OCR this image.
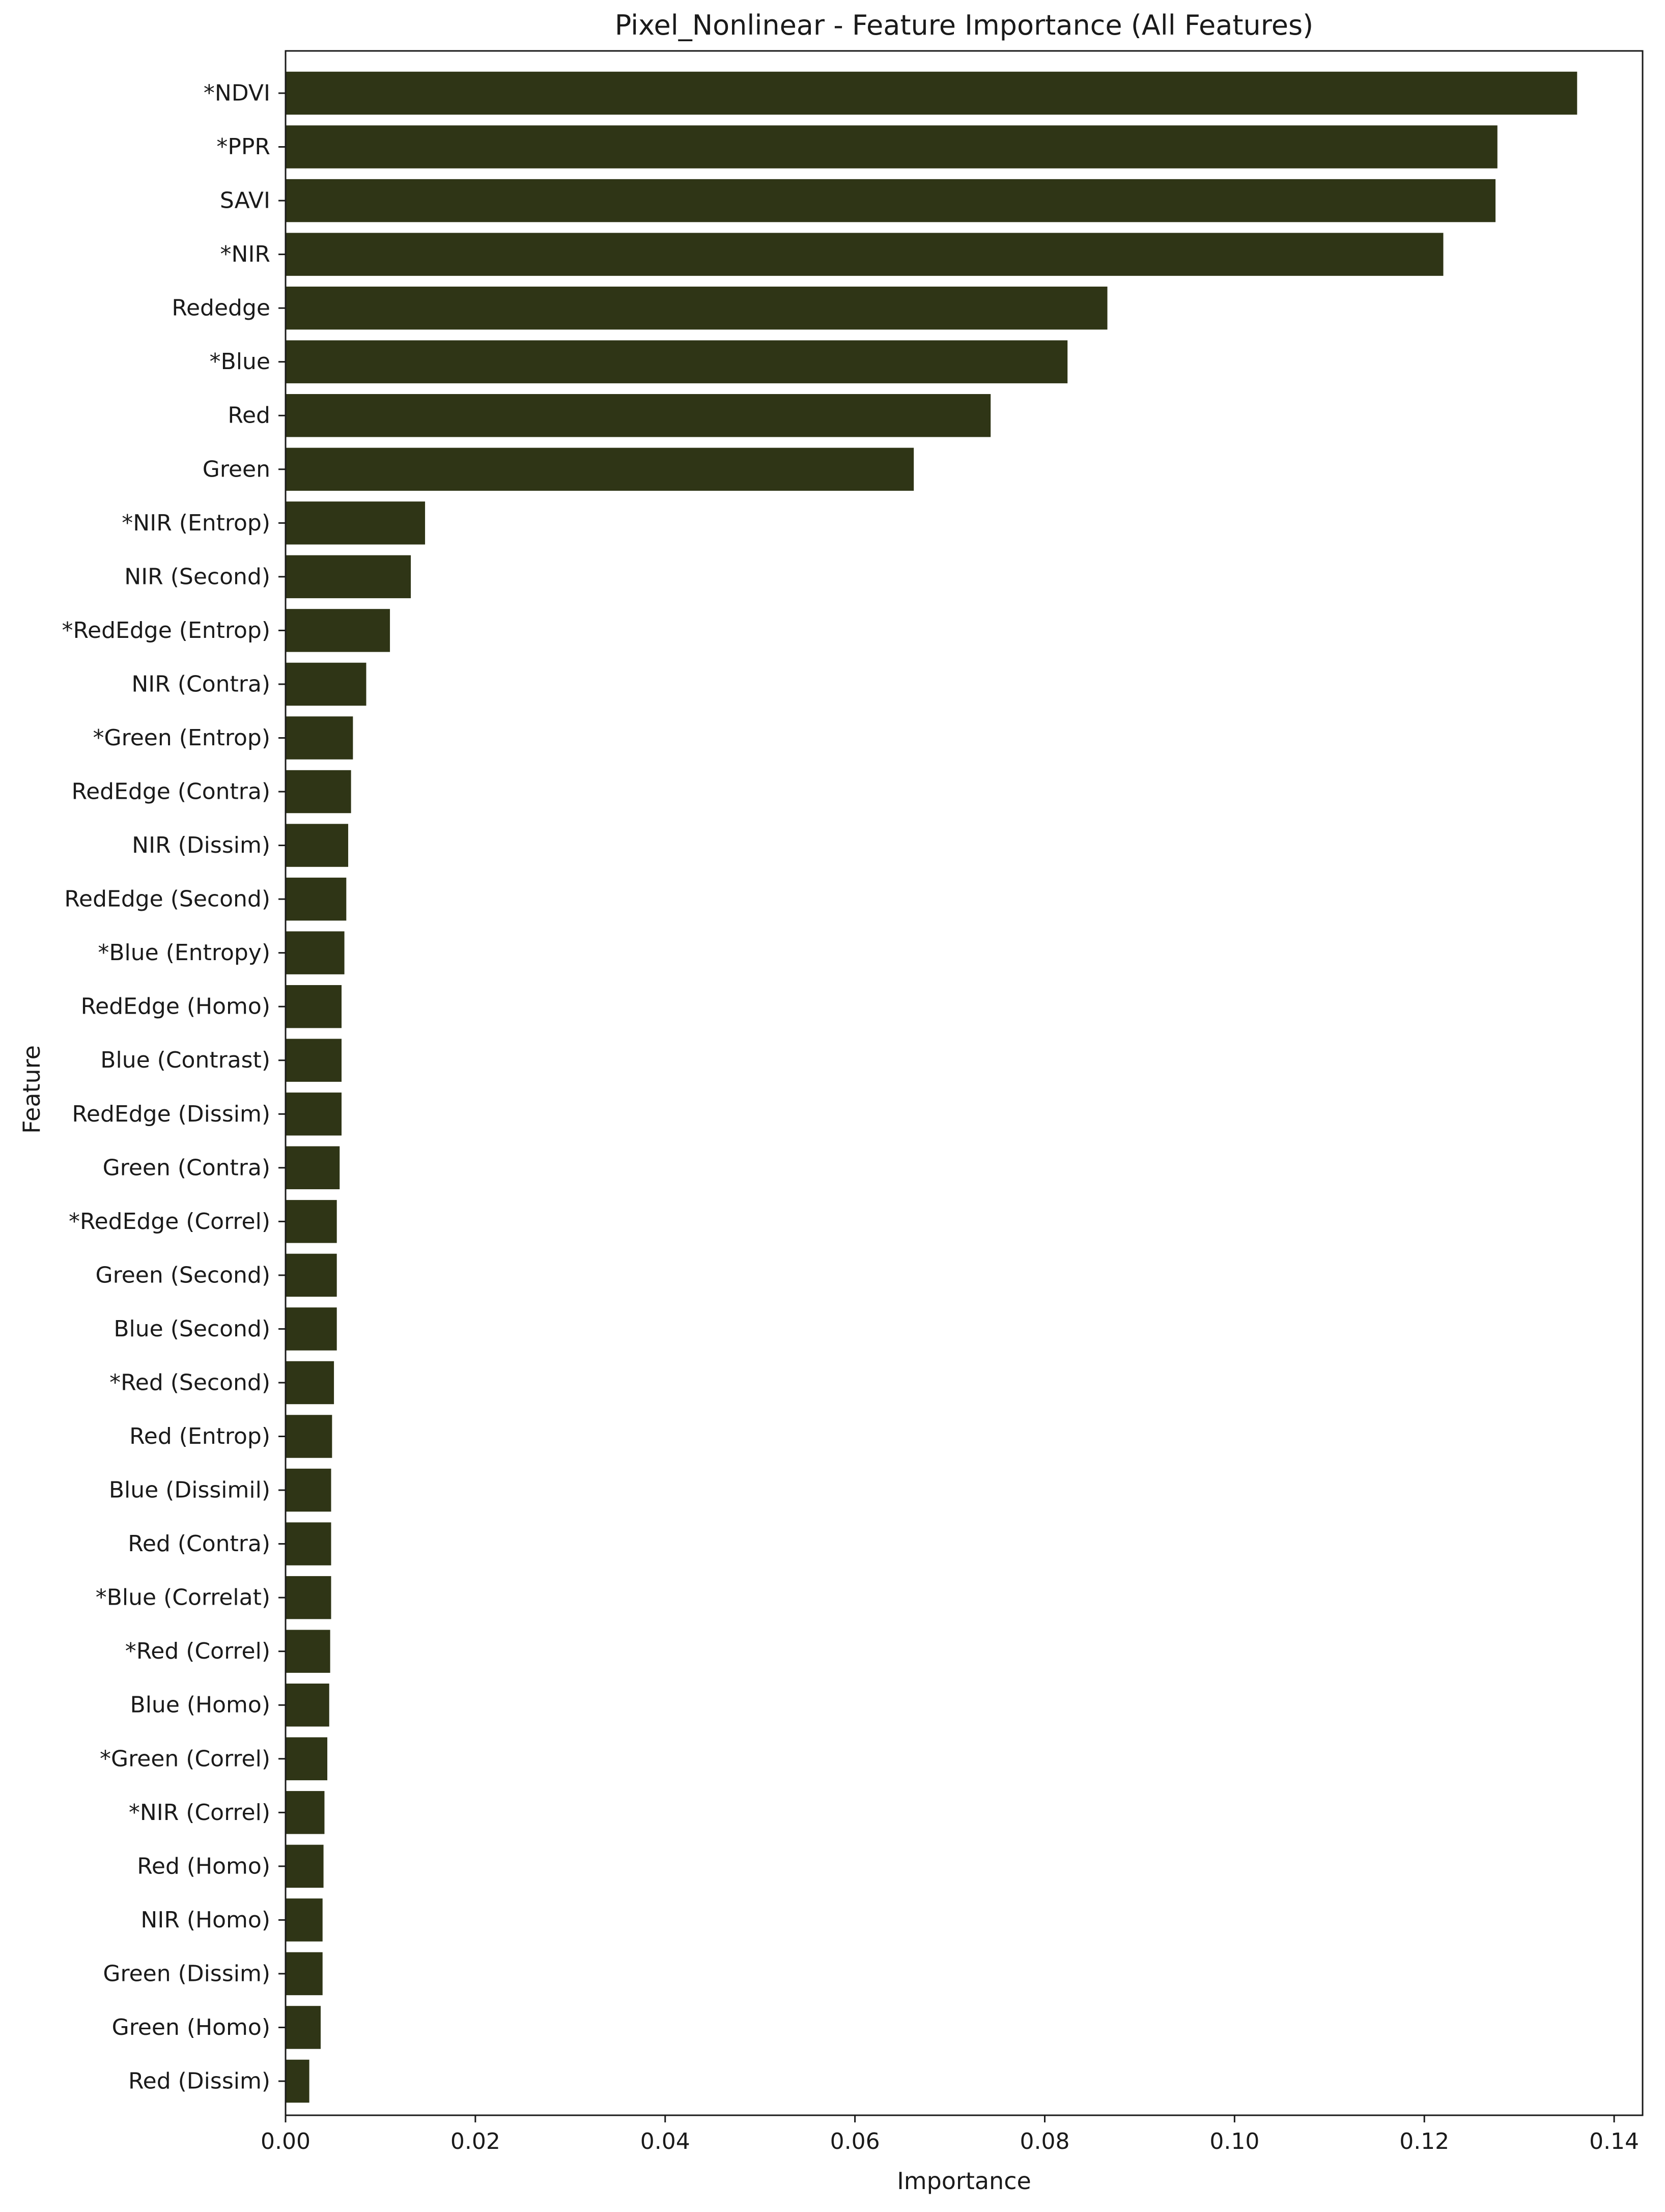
Pixel_Nonlinear - Feature Importance (All Features)
*NDVI
*PPR
SAVI
*NIR
Rededge
*Blue
Red
Green
*NIR (Entrop)
NIR (Second)
*RedEdge (Entrop)
NIR (Contra)
*Green (Entrop)
RedEdge (Contra)
NIR (Dissim)
RedEdge (Second)
*Blue (Entropy)
RedEdge (Homo)
Blue (Contrast)
RedEdge (Dissim)
Green (Contra)
*RedEdge (Correl)
Green (Second)
Blue (Second)
*Red (Second)
Red (Entrop)
Blue (Dissimil)
Red (Contra)
*Blue (Correlat)
*Red (Correl)
Blue (Homo)
*Green (Correl)
*NIR (Correl)
Red (Homo)
NIR (Homo)
Green (Dissim)
Green (Homo)
Red (Dissim)
0.00	0.02	0.04	0.06	0.08	0.10	0.12	0.14
Importance
Feature
